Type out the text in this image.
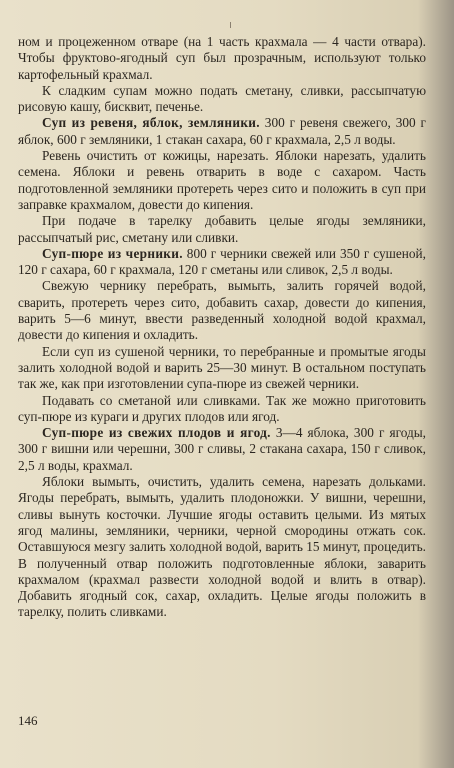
ном и процеженном отваре (на 1 часть крахмала — 4 части отвара). Чтобы фруктово-ягодный суп был прозрачным, используют только картофельный крахмал.

К сладким супам можно подать сметану, сливки, рассыпчатую рисовую кашу, бисквит, печенье.

Суп из ревеня, яблок, земляники. 300 г ревеня свежего, 300 г яблок, 600 г земляники, 1 стакан сахара, 60 г крахмала, 2,5 л воды.

Ревень очистить от кожицы, нарезать. Яблоки нарезать, удалить семена. Яблоки и ревень отварить в воде с сахаром. Часть подготовленной земляники протереть через сито и положить в суп при заправке крахмалом, довести до кипения.

При подаче в тарелку добавить целые ягоды земляники, рассыпчатый рис, сметану или сливки.

Суп-пюре из черники. 800 г черники свежей или 350 г сушеной, 120 г сахара, 60 г крахмала, 120 г сметаны или сливок, 2,5 л воды.

Свежую чернику перебрать, вымыть, залить горячей водой, сварить, протереть через сито, добавить сахар, довести до кипения, варить 5—6 минут, ввести разведенный холодной водой крахмал, довести до кипения и охладить.

Если суп из сушеной черники, то перебранные и промытые ягоды залить холодной водой и варить 25—30 минут. В остальном поступать так же, как при изготовлении супа-пюре из свежей черники.

Подавать со сметаной или сливками. Так же можно приготовить суп-пюре из кураги и других плодов или ягод.

Суп-пюре из свежих плодов и ягод. 3—4 яблока, 300 г ягоды, 300 г вишни или черешни, 300 г сливы, 2 стакана сахара, 150 г сливок, 2,5 л воды, крахмал.

Яблоки вымыть, очистить, удалить семена, нарезать дольками. Ягоды перебрать, вымыть, удалить плодоножки. У вишни, черешни, сливы вынуть косточки. Лучшие ягоды оставить целыми. Из мятых ягод малины, земляники, черники, черной смородины отжать сок. Оставшуюся мезгу залить холодной водой, варить 15 минут, процедить. В полученный отвар положить подготовленные яблоки, заварить крахмалом (крахмал развести холодной водой и влить в отвар). Добавить ягодный сок, сахар, охладить. Целые ягоды положить в тарелку, полить сливками.

146
